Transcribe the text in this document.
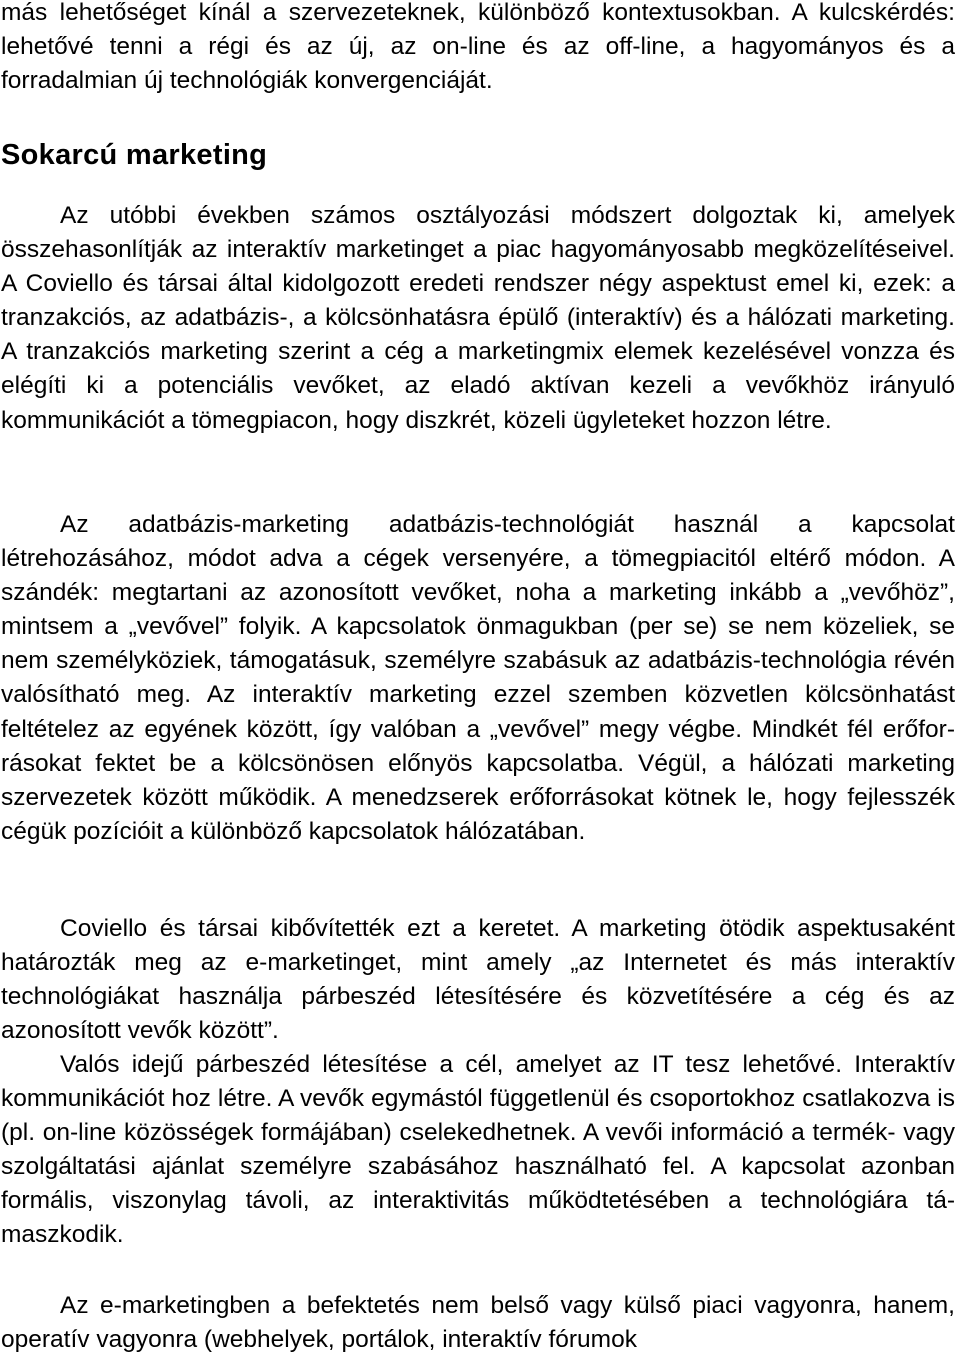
más lehetőséget kínál a szervezeteknek, különböző kontextusokban. A kulcskérdés: lehetővé tenni a régi és az új, az on-line és az off-line, a hagyományos és a forradalmian új technológiák konvergenciáját.

Sokarcú marketing

Az utóbbi években számos osztályozási módszert dolgoztak ki, amelyek összehasonlítják az interaktív marketinget a piac hagyományosabb megközelítéseivel. A Coviello és társai által kidolgozott eredeti rendszer négy aspektust emel ki, ezek: a tranzakciós, az adatbázis-, a kölcsönhatásra épülő (interaktív) és a hálózati marketing. A tranzakciós marketing szerint a cég a marketingmix elemek kezelésével vonzza és elégíti ki a potenciális vevőket, az eladó aktívan kezeli a vevőkhöz irányuló kommunikációt a tömegpiacon, hogy diszkrét, közeli ügyleteket hozzon létre.

Az adatbázis-marketing adatbázis-technológiát használ a kapcsolat létrehozásához, módot adva a cégek versenyére, a tömegpiacitól eltérő módon. A szándék: megtartani az azonosított vevőket, noha a marketing inkább a „vevőhöz”, mintsem a „vevővel” folyik. A kapcsolatok önmagukban (per se) se nem közeliek, se nem személyköziek, támogatásuk, személyre szabásuk az adatbázis-technológia révén valósítható meg. Az interaktív marketing ezzel szemben közvetlen kölcsönhatást feltételez az egyének között, így valóban a „vevővel” megy végbe. Mindkét fél erőforrásokat fektet be a kölcsönösen előnyös kapcsolatba. Végül, a hálózati marketing szervezetek között működik. A menedzserek erőforrásokat kötnek le, hogy fejlesszék cégük pozícióit a különböző kapcsolatok hálózatában.

Coviello és társai kibővítették ezt a keretet. A marketing ötödik aspektusaként határozták meg az e-marketinget, mint amely „az Internetet és más interaktív technológiákat használja párbeszéd létesítésére és közvetítésére a cég és az azonosított vevők között”.

Valós idejű párbeszéd létesítése a cél, amelyet az IT tesz lehetővé. Interaktív kommunikációt hoz létre. A vevők egymástól függetlenül és csoportokhoz csatlakozva is (pl. on-line közösségek formájában) cselekedhetnek. A vevői információ a termék- vagy szolgáltatási ajánlat személyre szabásához használható fel. A kapcsolat azonban formális, viszonylag távoli, az interaktivitás működtetésében a technológiára támaszkodik.

Az e-marketingben a befektetés nem belső vagy külső piaci vagyonra, hanem, operatív vagyonra (webhelyek, portálok, interaktív fórumok
